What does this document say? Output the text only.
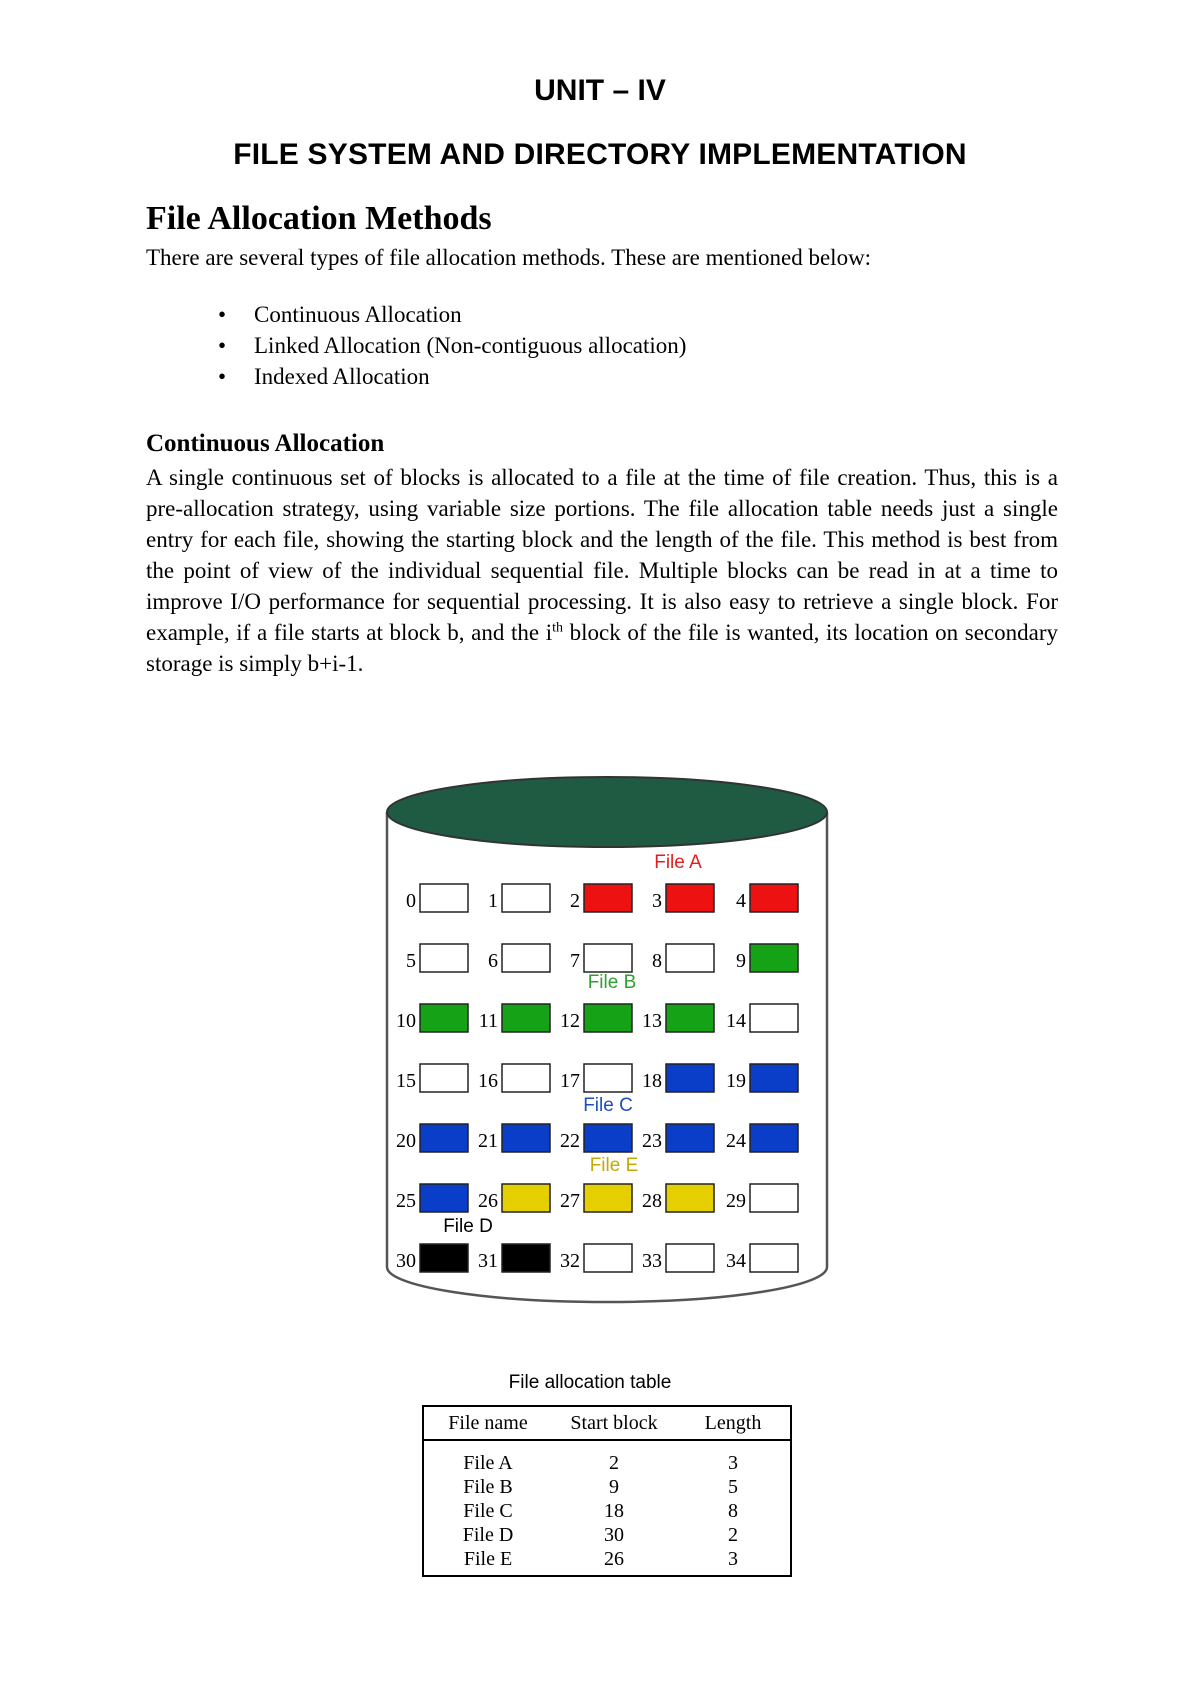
UNIT – IV
FILE SYSTEM AND DIRECTORY IMPLEMENTATION
File Allocation Methods

There are several types of file allocation methods. These are mentioned below:

• Continuous Allocation
• Linked Allocation (Non-contiguous allocation)
• Indexed Allocation
Continuous Allocation

A single continuous set of blocks is allocated to a file at the time of file creation. Thus, this is a pre-allocation strategy, using variable size portions. The file allocation table needs just a single entry for each file, showing the starting block and the length of the file. This method is best from the point of view of the individual sequential file. Multiple blocks can be read in at a time to improve I/O performance for sequential processing. It is also easy to retrieve a single block. For example, if a file starts at block b, and the $i^{th}$ block of the file is wanted, its location on secondary storage is simply b+i-1.

0	1	2	3	4
5	6	7	8	9
10	11	12	13	14
15	16	17	18	19
20	21	22	23	24
25	26	27	28	29
30	31	32	33	34
File A
File B
File C
File E
File D

File allocation table

File name	Start block	Length
File A	2	3
File B	9	5
File C	18	8
File D	30	2
File E	26	3
